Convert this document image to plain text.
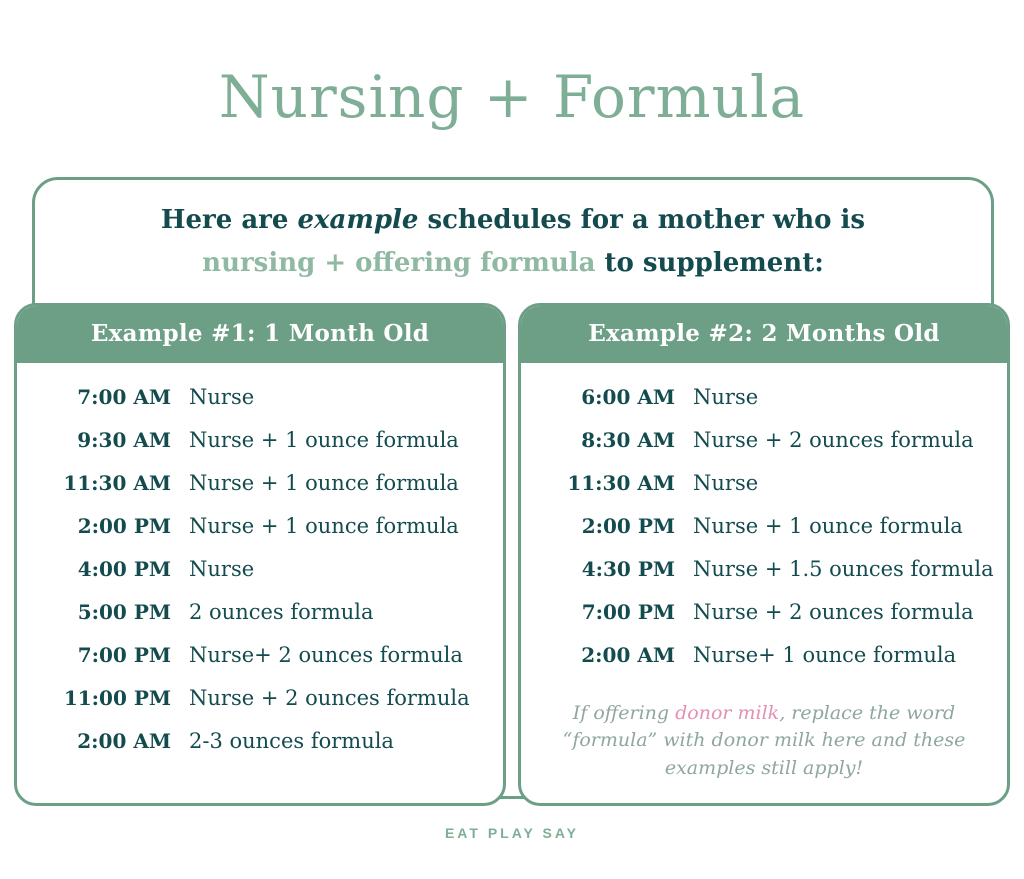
Nursing + Formula
Here are example schedules for a mother who is
nursing + offering formula to supplement:
Example #1: 1 Month Old
7:00 AM Nurse
9:30 AM Nurse + 1 ounce formula
11:30 AM Nurse + 1 ounce formula
2:00 PM Nurse + 1 ounce formula
4:00 PM Nurse
5:00 PM 2 ounces formula
7:00 PM Nurse+ 2 ounces formula
11:00 PM Nurse + 2 ounces formula
2:00 AM 2-3 ounces formula
Example #2: 2 Months Old
6:00 AM Nurse
8:30 AM Nurse + 2 ounces formula
11:30 AM Nurse
2:00 PM Nurse + 1 ounce formula
4:30 PM Nurse + 1.5 ounces formula
7:00 PM Nurse + 2 ounces formula
2:00 AM Nurse+ 1 ounce formula
If offering donor milk, replace the word “formula” with donor milk here and these examples still apply!
EAT PLAY SAY
